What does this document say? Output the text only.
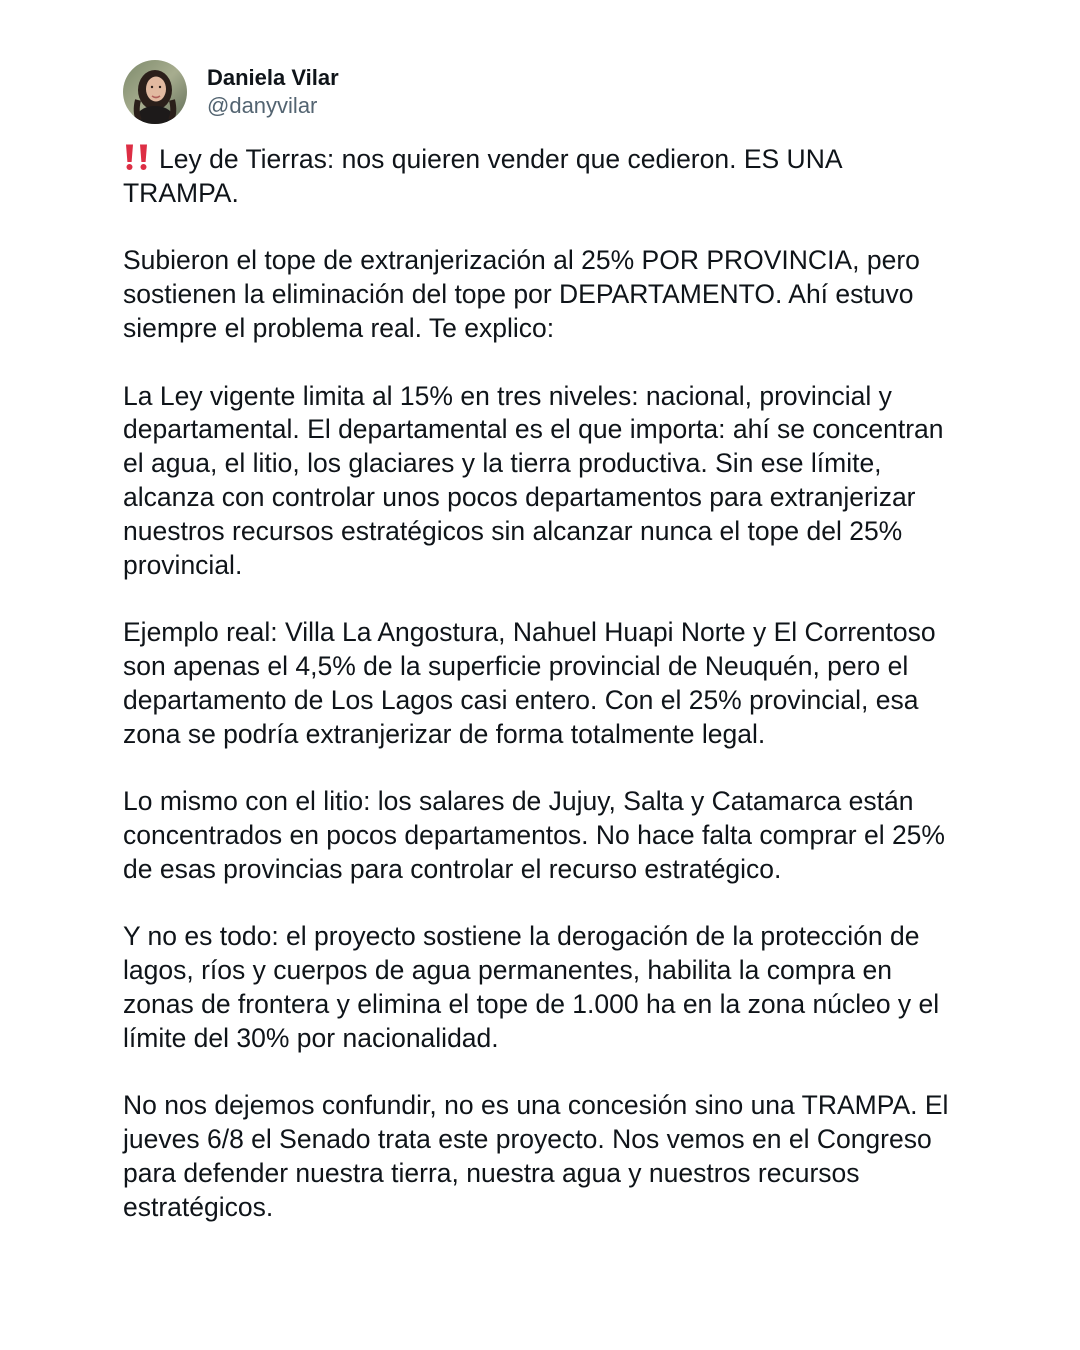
Daniela Vilar
@danyvilar

Ley de Tierras: nos quieren vender que cedieron. ES UNA TRAMPA.

Subieron el tope de extranjerización al 25% POR PROVINCIA, pero sostienen la eliminación del tope por DEPARTAMENTO. Ahí estuvo siempre el problema real. Te explico:

La Ley vigente limita al 15% en tres niveles: nacional, provincial y departamental. El departamental es el que importa: ahí se concentran el agua, el litio, los glaciares y la tierra productiva. Sin ese límite, alcanza con controlar unos pocos departamentos para extranjerizar nuestros recursos estratégicos sin alcanzar nunca el tope del 25% provincial.

Ejemplo real: Villa La Angostura, Nahuel Huapi Norte y El Correntoso son apenas el 4,5% de la superficie provincial de Neuquén, pero el departamento de Los Lagos casi entero. Con el 25% provincial, esa zona se podría extranjerizar de forma totalmente legal.

Lo mismo con el litio: los salares de Jujuy, Salta y Catamarca están concentrados en pocos departamentos. No hace falta comprar el 25% de esas provincias para controlar el recurso estratégico.

Y no es todo: el proyecto sostiene la derogación de la protección de lagos, ríos y cuerpos de agua permanentes, habilita la compra en zonas de frontera y elimina el tope de 1.000 ha en la zona núcleo y el límite del 30% por nacionalidad.

No nos dejemos confundir, no es una concesión sino una TRAMPA. El jueves 6/8 el Senado trata este proyecto. Nos vemos en el Congreso para defender nuestra tierra, nuestra agua y nuestros recursos estratégicos.
